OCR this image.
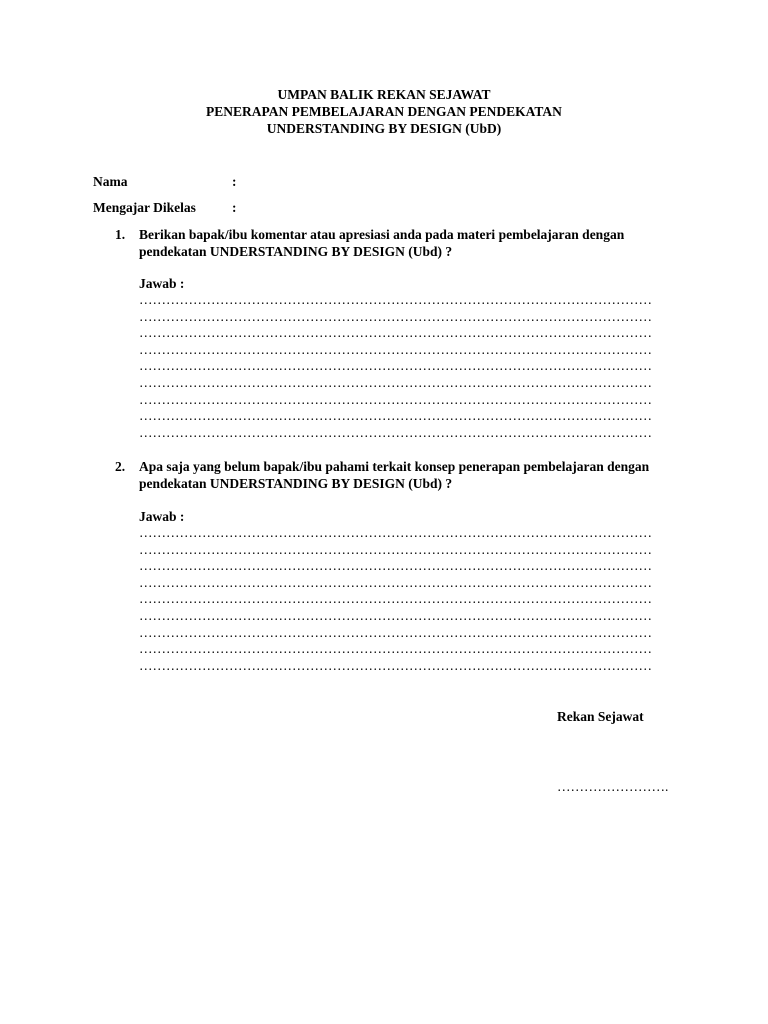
UMPAN BALIK REKAN SEJAWAT
PENERAPAN PEMBELAJARAN DENGAN PENDEKATAN
UNDERSTANDING BY DESIGN (UbD)
Nama	:
Mengajar Dikelas	:
1. Berikan bapak/ibu komentar atau apresiasi anda pada materi pembelajaran dengan pendekatan UNDERSTANDING BY DESIGN (Ubd) ?
Jawab :
……………………………………………………………………………………………………
……………………………………………………………………………………………………
……………………………………………………………………………………………………
……………………………………………………………………………………………………
……………………………………………………………………………………………………
……………………………………………………………………………………………………
……………………………………………………………………………………………………
……………………………………………………………………………………………………
……………………………………………………………………………………………………
2. Apa saja yang belum bapak/ibu pahami terkait konsep penerapan pembelajaran dengan pendekatan UNDERSTANDING BY DESIGN (Ubd) ?
Jawab :
……………………………………………………………………………………………………
……………………………………………………………………………………………………
……………………………………………………………………………………………………
……………………………………………………………………………………………………
……………………………………………………………………………………………………
……………………………………………………………………………………………………
……………………………………………………………………………………………………
……………………………………………………………………………………………………
……………………………………………………………………………………………………
Rekan Sejawat
…………………….
